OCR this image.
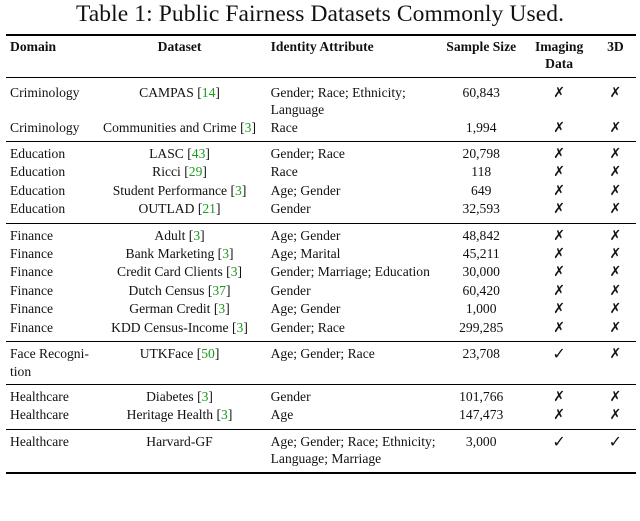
Table 1: Public Fairness Datasets Commonly Used.
Domain	Dataset	Identity Attribute	Sample Size	Imaging Data	3D
Criminology	CAMPAS [14]	Gender; Race; Ethnicity; Language	60,843	✗	✗
Criminology	Communities and Crime [3]	Race	1,994	✗	✗
Education	LASC [43]	Gender; Race	20,798	✗	✗
Education	Ricci [29]	Race	118	✗	✗
Education	Student Performance [3]	Age; Gender	649	✗	✗
Education	OUTLAD [21]	Gender	32,593	✗	✗
Finance	Adult [3]	Age; Gender	48,842	✗	✗
Finance	Bank Marketing [3]	Age; Marital	45,211	✗	✗
Finance	Credit Card Clients [3]	Gender; Marriage; Education	30,000	✗	✗
Finance	Dutch Census [37]	Gender	60,420	✗	✗
Finance	German Credit [3]	Age; Gender	1,000	✗	✗
Finance	KDD Census-Income [3]	Gender; Race	299,285	✗	✗
Face Recogni-tion	UTKFace [50]	Age; Gender; Race	23,708	✓	✗
Healthcare	Diabetes [3]	Gender	101,766	✗	✗
Healthcare	Heritage Health [3]	Age	147,473	✗	✗
Healthcare	Harvard-GF	Age; Gender; Race; Ethnicity; Language; Marriage	3,000	✓	✓
